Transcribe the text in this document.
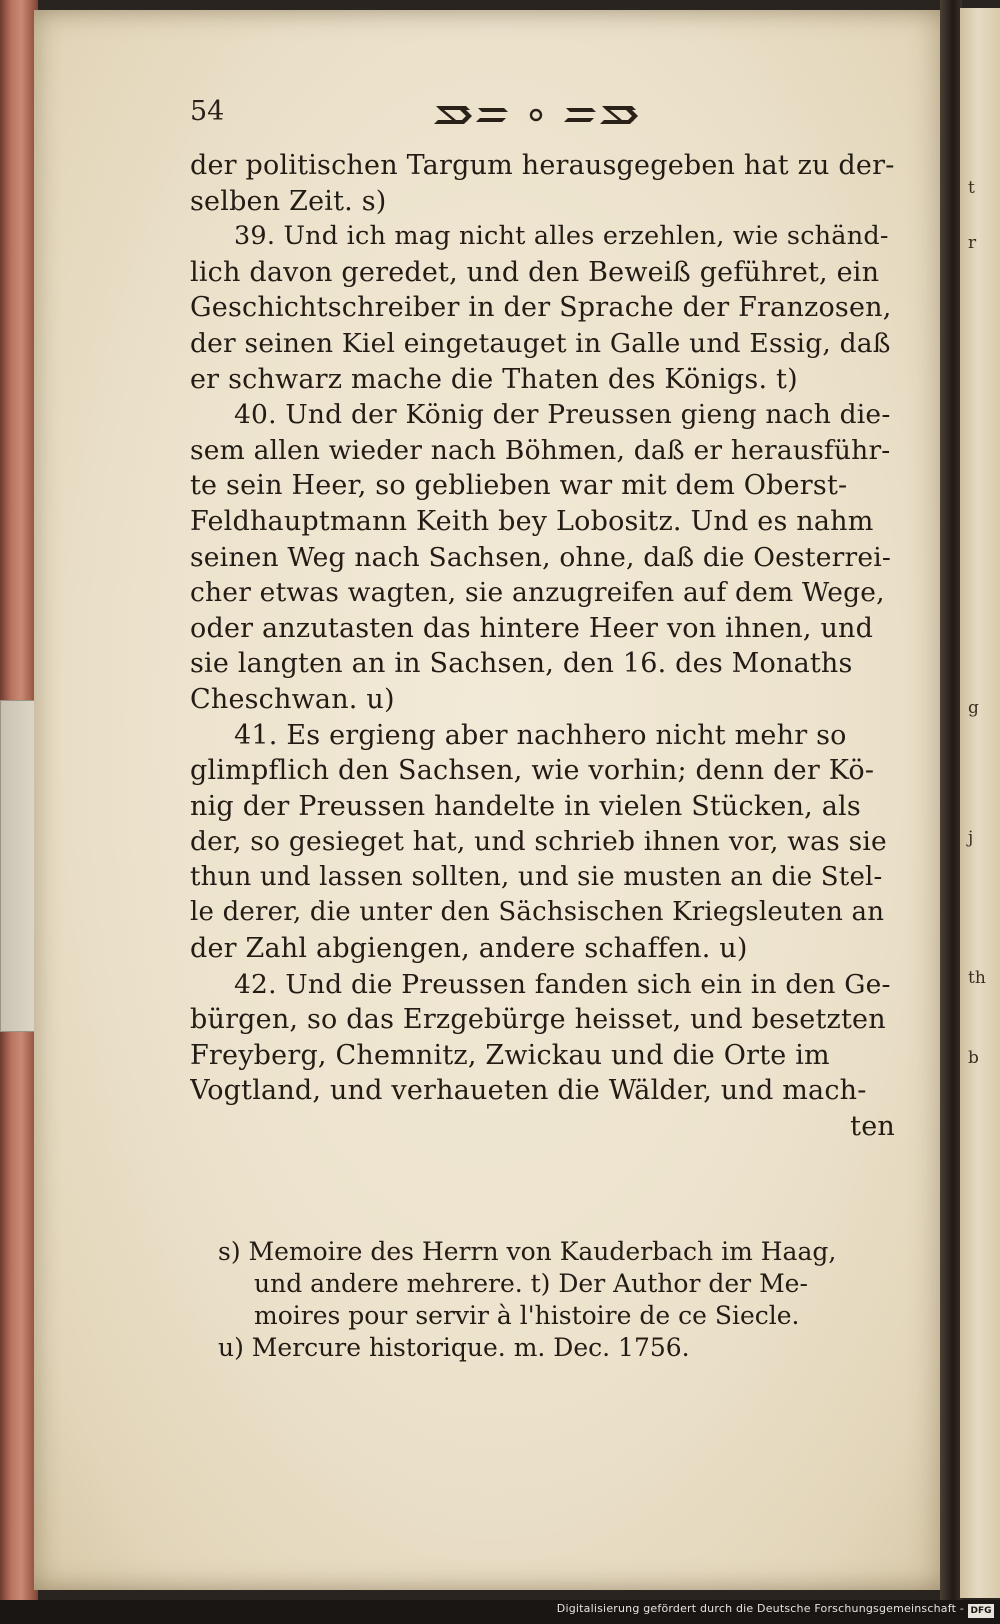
t
r
g
j
th
b
54
der politischen Targum herausgegeben hat zu der-
selben Zeit. s)
39. Und ich mag nicht alles erzehlen, wie schänd-
lich davon geredet, und den Beweiß geführet, ein
Geschichtschreiber in der Sprache der Franzosen,
der seinen Kiel eingetauget in Galle und Essig, daß
er schwarz mache die Thaten des Königs. t)
40. Und der König der Preussen gieng nach die-
sem allen wieder nach Böhmen, daß er herausführ-
te sein Heer, so geblieben war mit dem Oberst-
Feldhauptmann Keith bey Lobositz. Und es nahm
seinen Weg nach Sachsen, ohne, daß die Oesterrei-
cher etwas wagten, sie anzugreifen auf dem Wege,
oder anzutasten das hintere Heer von ihnen, und
sie langten an in Sachsen, den 16. des Monaths
Cheschwan. u)
41. Es ergieng aber nachhero nicht mehr so
glimpflich den Sachsen, wie vorhin; denn der Kö-
nig der Preussen handelte in vielen Stücken, als
der, so gesieget hat, und schrieb ihnen vor, was sie
thun und lassen sollten, und sie musten an die Stel-
le derer, die unter den Sächsischen Kriegsleuten an
der Zahl abgiengen, andere schaffen. u)
42. Und die Preussen fanden sich ein in den Ge-
bürgen, so das Erzgebürge heisset, und besetzten
Freyberg, Chemnitz, Zwickau und die Orte im
Vogtland, und verhaueten die Wälder, und mach-
ten
s) Memoire des Herrn von Kauderbach im Haag,
und andere mehrere. t) Der Author der Me-
moires pour servir à l'histoire de ce Siecle.
u) Mercure historique. m. Dec. 1756.
Digitalisierung gefördert durch die Deutsche Forschungsgemeinschaft - DFG
